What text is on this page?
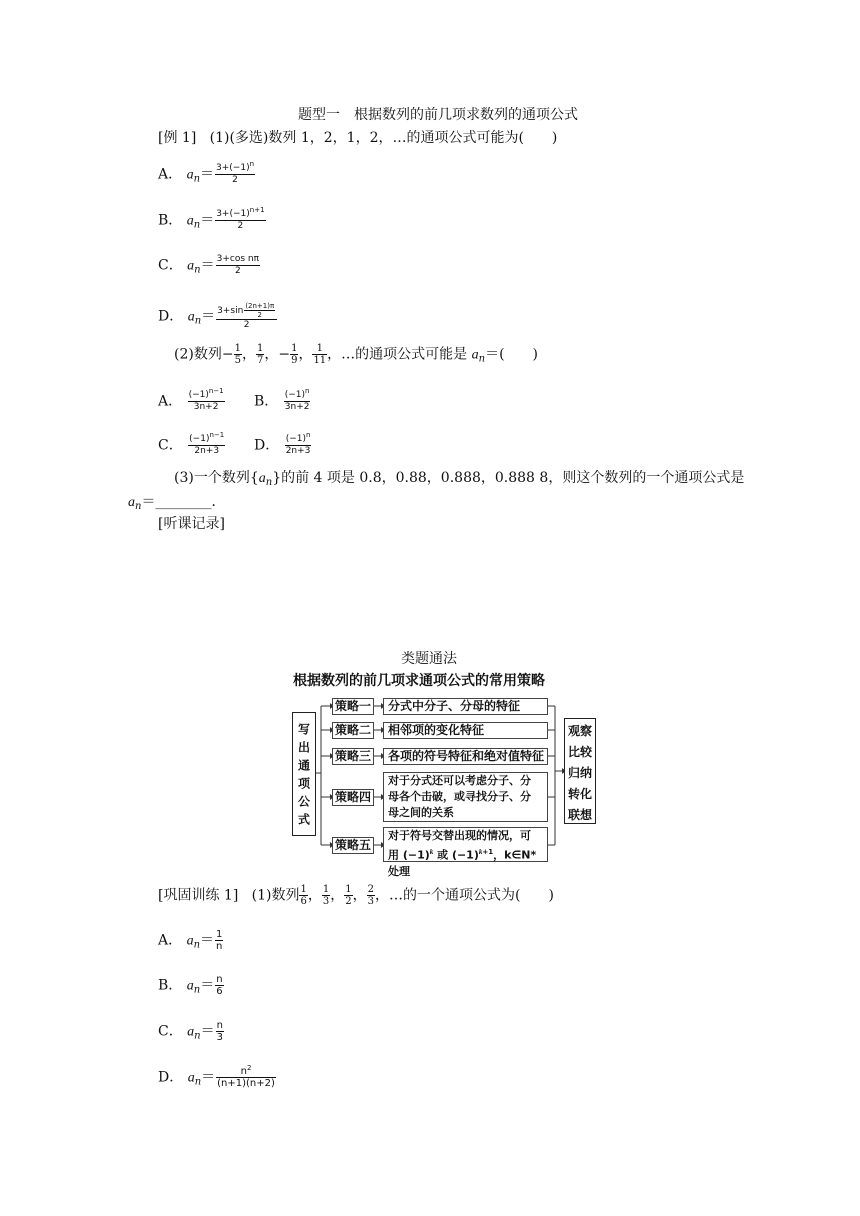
题型一　根据数列的前几项求数列的通项公式
[例 1] (1)(多选)数列 1，2，1，2，…的通项公式可能为(　　)
A． $a_n= \frac{3+(-1)^n}{2}$
B． $a_n= \frac{3+(-1)^{n+1}}{2}$
C． $a_n= \frac{\text{3+cos nπ}}{2}$
D． $a_n= \frac{3+\sin \frac{(2n+1)\pi}{2}}{2}$
(2)数列− $\frac{1}{5}$ ， $\frac{1}{7}$ ，− $\frac{1}{9}$ ， $\frac{1}{11}$ ，…的通项公式可能是 $a_n=$(　　)
A． $\frac{(-1)^{n-1}}{3n+2}$ B． $\frac{(-1)^n}{3n+2}$
C． $\frac{(-1)^{n-1}}{2n+3}$ D． $\frac{(-1)^n}{2n+3}$
(3)一个数列$\{a_n\}$的前 4 项是 0.8，0.88，0.888，0.888 8，则这个数列的一个通项公式是
$a_n=\_\_\_\_\_\_\_\_$．
[听课记录]
类题通法
根据数列的前几项求通项公式的常用策略
写出通项公式
策略一
策略二
策略三
策略四
策略五
分式中分子、分母的特征
相邻项的变化特征
各项的符号特征和绝对值特征
对于分式还可以考虑分子、分
母各个击破，或寻找分子、分
母之间的关系
对于符号交替出现的情况，可
用 $(-1)^k$ 或 $(-1)^{k+1}$，k∈N* 处理
观察比较归纳转化联想
[巩固训练 1] (1)数列 $\frac{1}{6}$ ， $\frac{1}{3}$ ， $\frac{1}{2}$ ， $\frac{2}{3}$ ，…的一个通项公式为(　　)
A． $a_n= \frac{1}{n}$
B． $a_n= \frac{n}{6}$
C． $a_n= \frac{n}{3}$
D． $a_n= \frac{n^2}{(n+1)(n+2)}$
